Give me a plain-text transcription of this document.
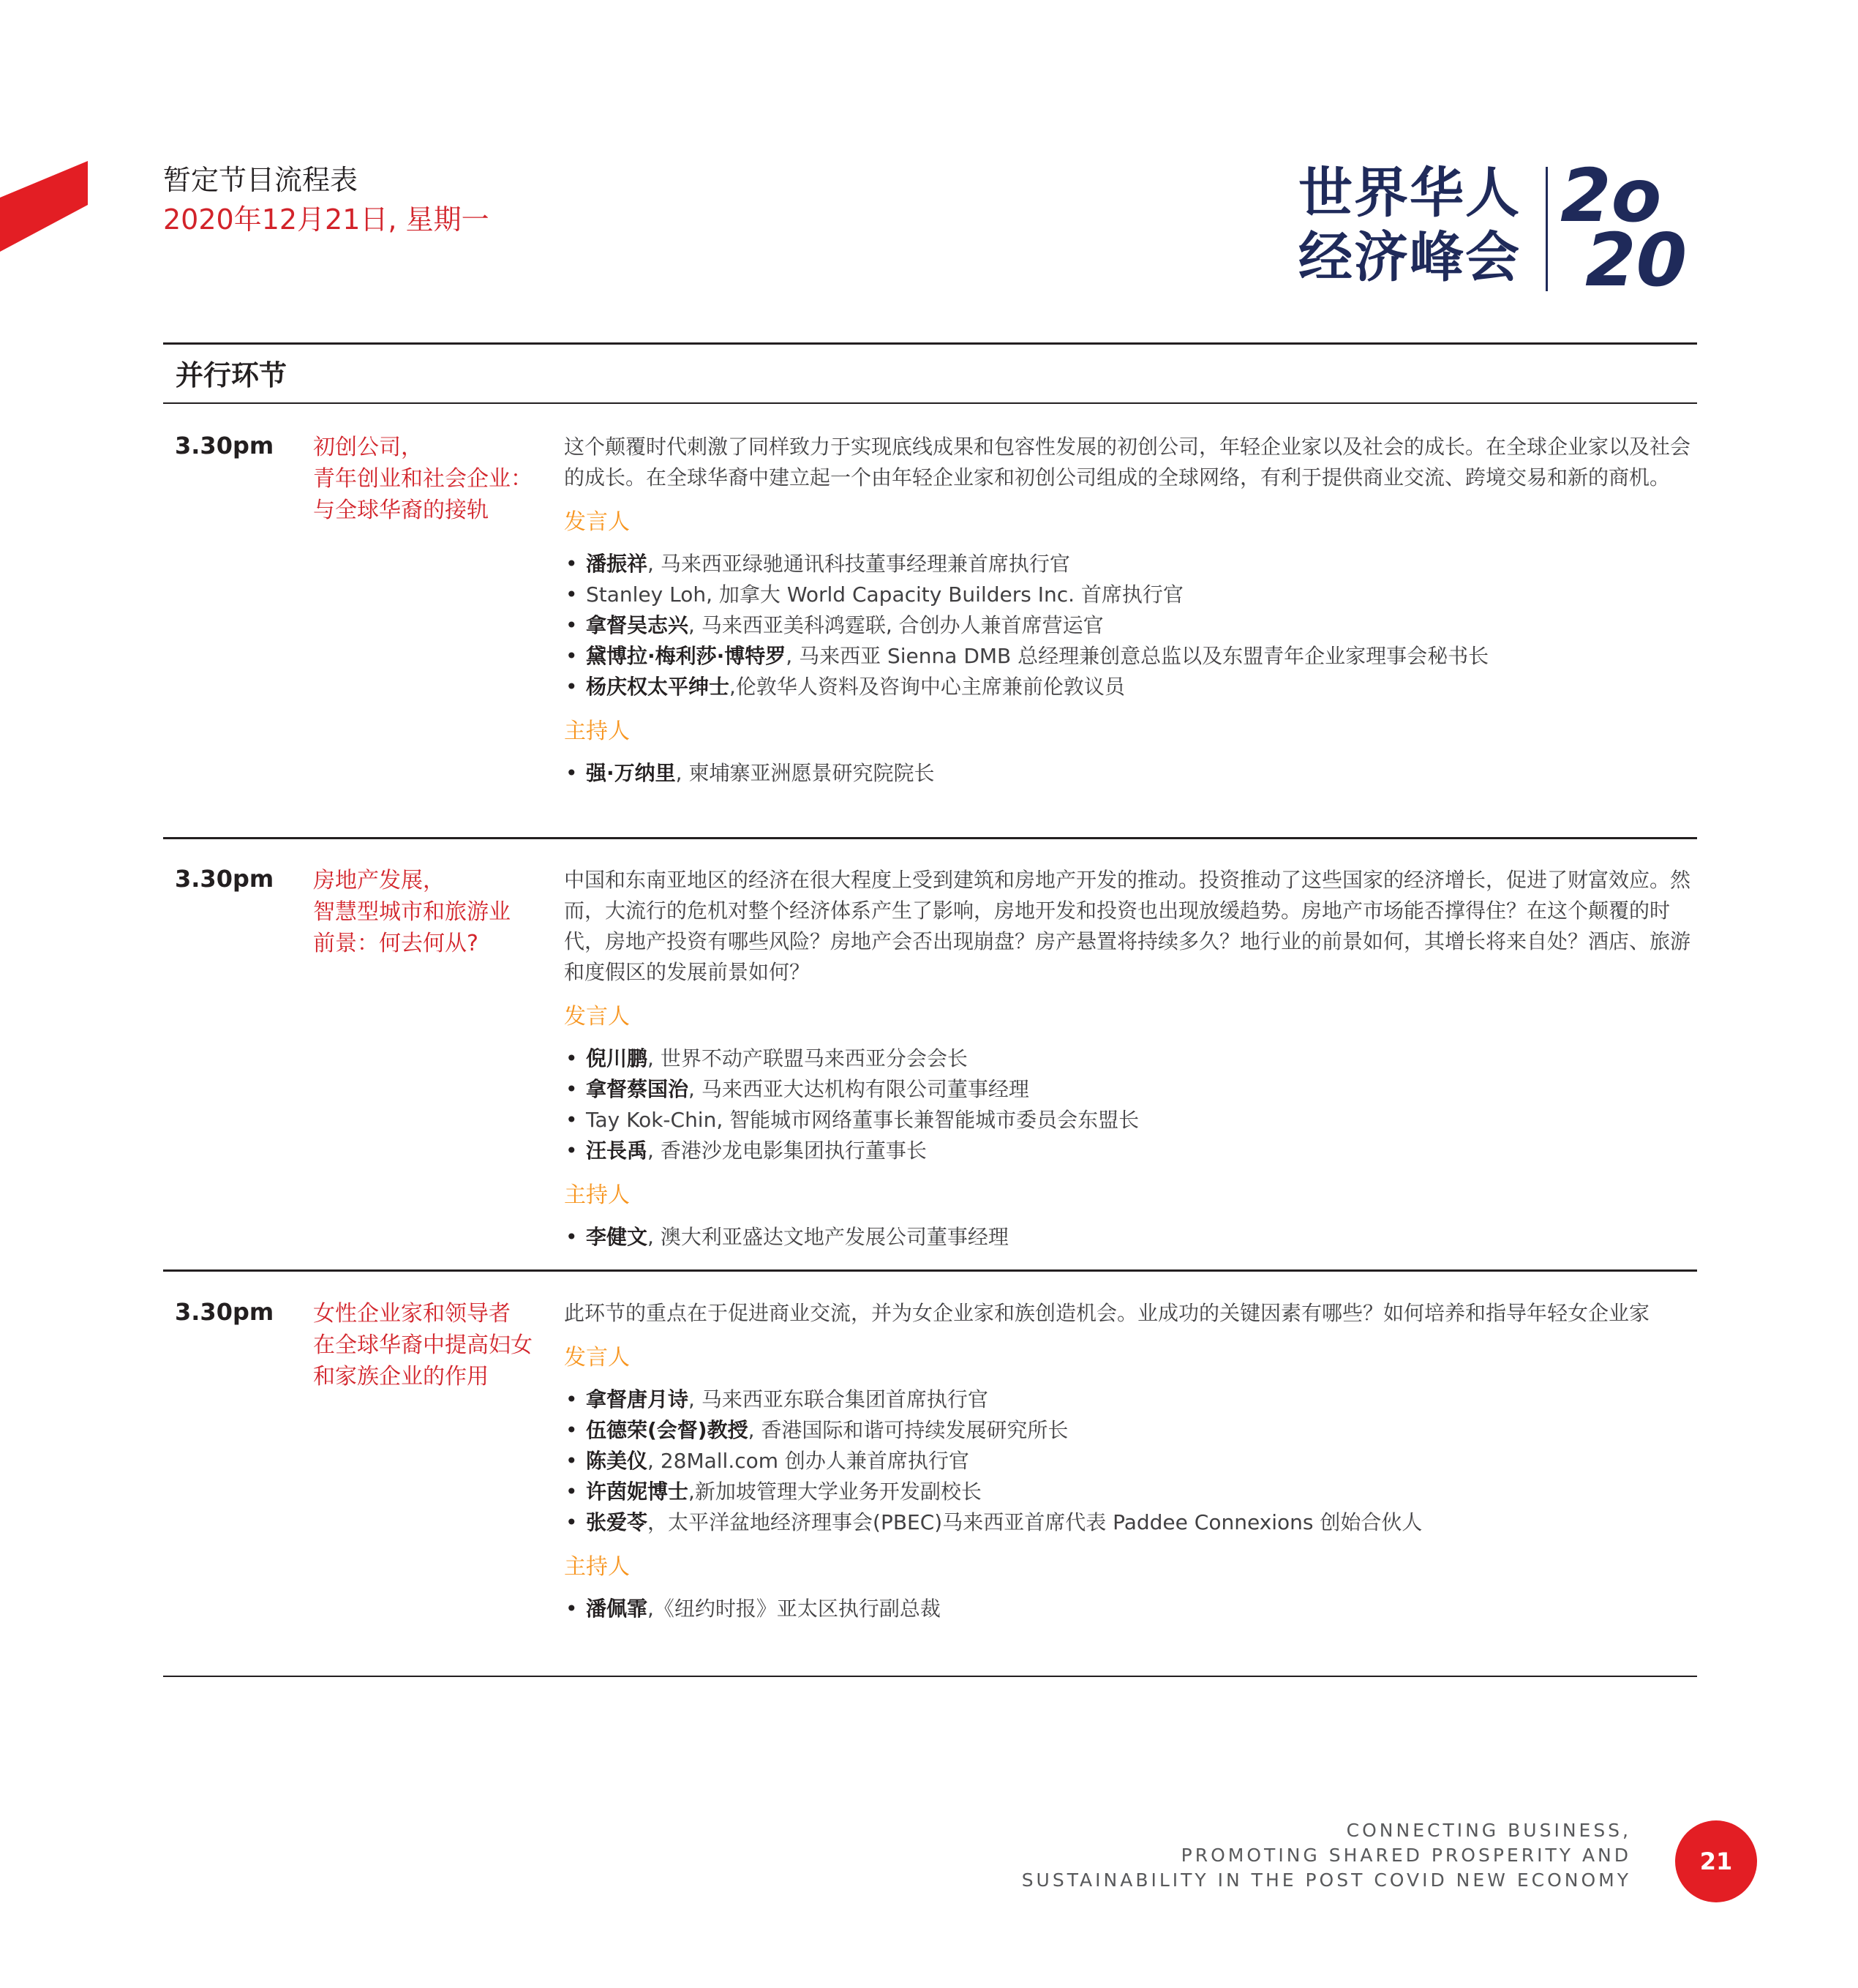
暂定节目流程表
2020年12月21日, 星期一	世界华人
经济峰会
2o
20
并行环节
3.30pm 初创公司，
青年创业和社会企业：
与全球华裔的接轨

这个颠覆时代刺激了同样致力于实现底线成果和包容性发展的初创公司，年轻企业家以及社会的成长。在全球企业家以及社会的成长。在全球华裔中建立起一个由年轻企业家和初创公司组成的全球网络，有利于提供商业交流、跨境交易和新的商机。

发言人
• 潘振祥, 马来西亚绿驰通讯科技董事经理兼首席执行官
• Stanley Loh, 加拿大 World Capacity Builders Inc. 首席执行官
• 拿督吴志兴, 马来西亚美科鸿霆联, 合创办人兼首席营运官
• 黛博拉·梅利莎·博特罗, 马来西亚 Sienna DMB 总经理兼创意总监以及东盟青年企业家理事会秘书长
• 杨庆权太平绅士,伦敦华人资料及咨询中心主席兼前伦敦议员
主持人
• 强·万纳里, 柬埔寨亚洲愿景研究院院长
3.30pm 房地产发展，
智慧型城市和旅游业
前景：何去何从?

中国和东南亚地区的经济在很大程度上受到建筑和房地产开发的推动。投资推动了这些国家的经济增长，促进了财富效应。然而，大流行的危机对整个经济体系产生了影响，房地开发和投资也出现放缓趋势。房地产市场能否撑得住？在这个颠覆的时代，房地产投资有哪些风险？房地产会否出现崩盘？房产悬置将持续多久？地行业的前景如何，其增长将来自处？酒店、旅游和度假区的发展前景如何？

发言人
• 倪川鹏, 世界不动产联盟马来西亚分会会长
• 拿督蔡国治, 马来西亚大达机构有限公司董事经理
• Tay Kok-Chin, 智能城市网络董事长兼智能城市委员会东盟长
• 汪長禹, 香港沙龙电影集团执行董事长
主持人
• 李健文, 澳大利亚盛达文地产发展公司董事经理
3.30pm 女性企业家和领导者
在全球华裔中提高妇女
和家族企业的作用

此环节的重点在于促进商业交流，并为女企业家和族创造机会。业成功的关键因素有哪些？如何培养和指导年轻女企业家

发言人
• 拿督唐月诗, 马来西亚东联合集团首席执行官
• 伍德荣(会督)教授, 香港国际和谐可持续发展研究所长
• 陈美仪, 28Mall.com 创办人兼首席执行官
• 许茵妮博士,新加坡管理大学业务开发副校长
• 张爱苓，太平洋盆地经济理事会(PBEC)马来西亚首席代表 Paddee Connexions 创始合伙人
主持人
• 潘佩霏,《纽约时报》亚太区执行副总裁
CONNECTING BUSINESS,
PROMOTING SHARED PROSPERITY AND
SUSTAINABILITY IN THE POST COVID NEW ECONOMY
21
